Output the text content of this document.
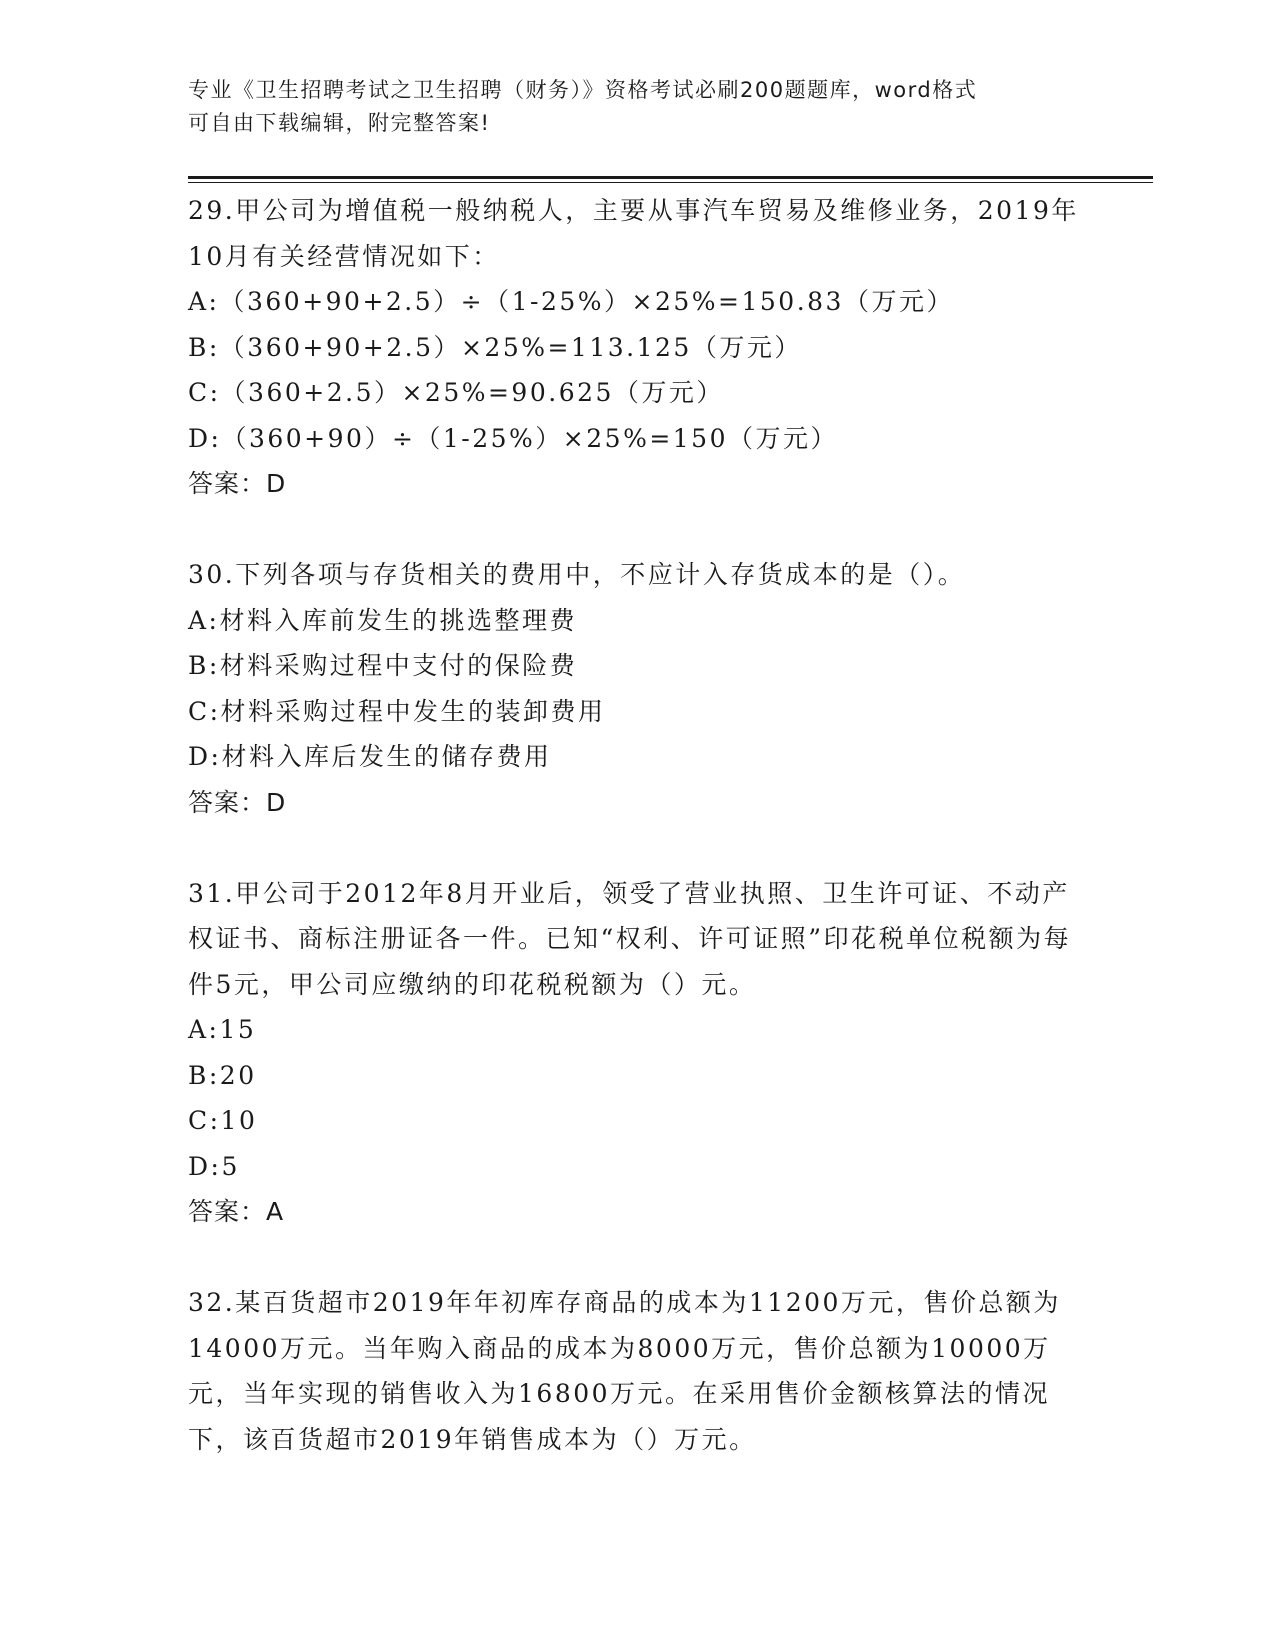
专业《卫生招聘考试之卫生招聘（财务）》资格考试必刷200题题库，word格式
可自由下载编辑，附完整答案!

29.甲公司为增值税一般纳税人，主要从事汽车贸易及维修业务，2019年10月有关经营情况如下：

A:（360+90+2.5）÷（1-25%）×25%=150.83（万元）

B:（360+90+2.5）×25%=113.125（万元）

C:（360+2.5）×25%=90.625（万元）

D:（360+90）÷（1-25%）×25%=150（万元）

答案：D

30.下列各项与存货相关的费用中，不应计入存货成本的是（）。

A:材料入库前发生的挑选整理费

B:材料采购过程中支付的保险费

C:材料采购过程中发生的装卸费用

D:材料入库后发生的储存费用

答案：D

31.甲公司于2012年8月开业后，领受了营业执照、卫生许可证、不动产权证书、商标注册证各一件。已知“权利、许可证照”印花税单位税额为每件5元，甲公司应缴纳的印花税税额为（）元。

A:15

B:20

C:10

D:5

答案：A

32.某百货超市2019年年初库存商品的成本为11200万元，售价总额为14000万元。当年购入商品的成本为8000万元，售价总额为10000万元，当年实现的销售收入为16800万元。在采用售价金额核算法的情况下，该百货超市2019年销售成本为（）万元。
